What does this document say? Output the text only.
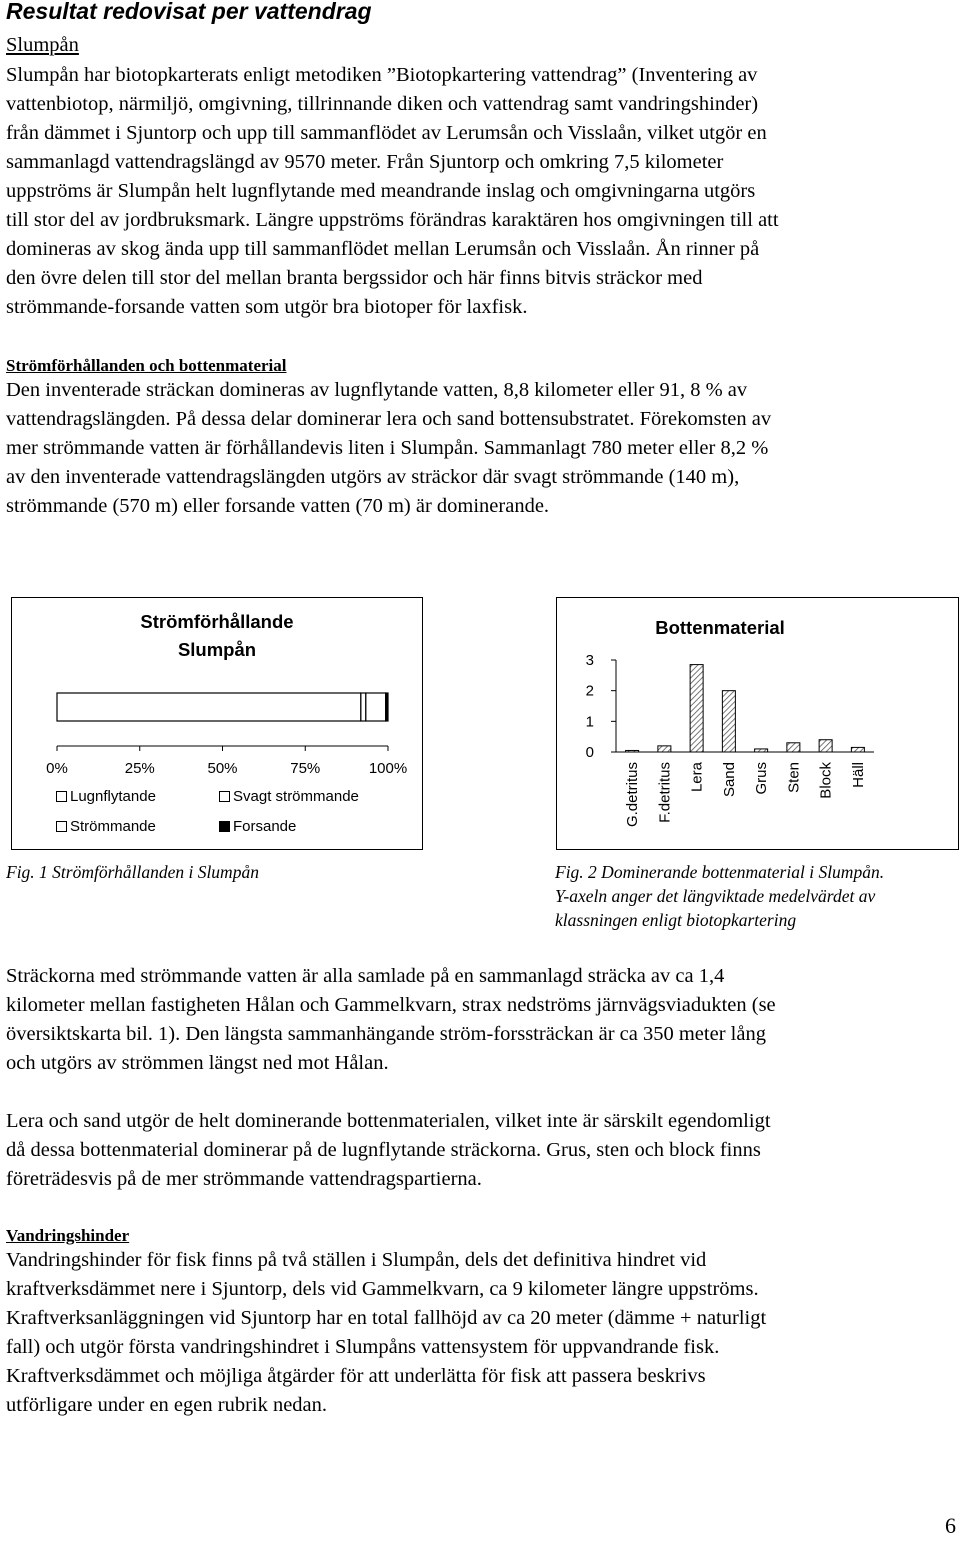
Resultat redovisat per vattendrag
Slumpån

Slumpån har biotopkarterats enligt metodiken ”Biotopkartering vattendrag” (Inventering av
vattenbiotop, närmiljö, omgivning, tillrinnande diken och vattendrag samt vandringshinder)
från dämmet i Sjuntorp och upp till sammanflödet av Lerumsån och Visslaån, vilket utgör en
sammanlagd vattendragslängd av 9570 meter. Från Sjuntorp och omkring 7,5 kilometer
uppströms är Slumpån helt lugnflytande med meandrande inslag och omgivningarna utgörs
till stor del av jordbruksmark. Längre uppströms förändras karaktären hos omgivningen till att
domineras av skog ända upp till sammanflödet mellan Lerumsån och Visslaån. Ån rinner på
den övre delen till stor del mellan branta bergssidor och här finns bitvis sträckor med
strömmande-forsande vatten som utgör bra biotoper för laxfisk.

Strömförhållanden och bottenmaterial

Den inventerade sträckan domineras av lugnflytande vatten, 8,8 kilometer eller 91, 8 % av
vattendragslängden. På dessa delar dominerar lera och sand bottensubstratet. Förekomsten av
mer strömmande vatten är förhållandevis liten i Slumpån. Sammanlagt 780 meter eller 8,2 %
av den inventerade vattendragslängden utgörs av sträckor där svagt strömmande (140 m),
strömmande (570 m) eller forsande vatten (70 m) är dominerande.

Strömförhållande
Slumpån
0%	25%	50%	75%	100%
Lugnflytande	Svagt strömmande
Strömmande	Forsande
Bottenmaterial
0
1
2
3
G.detritus F.detritus Lera Sand Grus Sten Block Häll
Fig. 1 Strömförhållanden i Slumpån	Fig. 2 Dominerande bottenmaterial i Slumpån.
Y-axeln anger det längviktade medelvärdet av
klassningen enligt biotopkartering

Sträckorna med strömmande vatten är alla samlade på en sammanlagd sträcka av ca 1,4
kilometer mellan fastigheten Hålan och Gammelkvarn, strax nedströms järnvägsviadukten (se
översiktskarta bil. 1). Den längsta sammanhängande ström-forssträckan är ca 350 meter lång
och utgörs av strömmen längst ned mot Hålan.

Lera och sand utgör de helt dominerande bottenmaterialen, vilket inte är särskilt egendomligt
då dessa bottenmaterial dominerar på de lugnflytande sträckorna. Grus, sten och block finns
företrädesvis på de mer strömmande vattendragspartierna.

Vandringshinder

Vandringshinder för fisk finns på två ställen i Slumpån, dels det definitiva hindret vid
kraftverksdämmet nere i Sjuntorp, dels vid Gammelkvarn, ca 9 kilometer längre uppströms.
Kraftverksanläggningen vid Sjuntorp har en total fallhöjd av ca 20 meter (dämme + naturligt
fall) och utgör första vandringshindret i Slumpåns vattensystem för uppvandrande fisk.
Kraftverksdämmet och möjliga åtgärder för att underlätta för fisk att passera beskrivs
utförligare under en egen rubrik nedan.

6
